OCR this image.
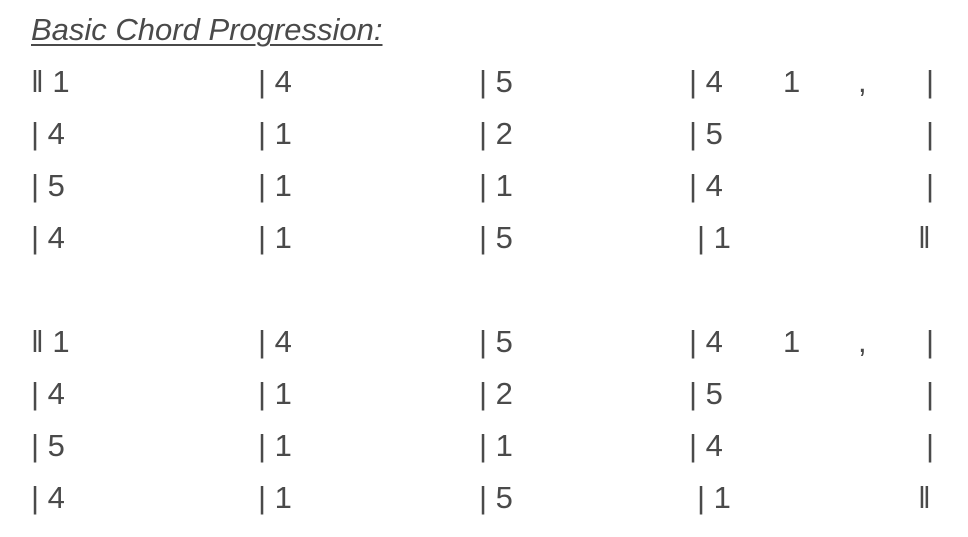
Basic Chord Progression:
‖ 1	| 4	| 5	| 4 1 , |
| 4	| 1	| 2	| 5	|
| 5	| 1	| 1	| 4	|
| 4	| 1	| 5	| 1	‖
‖ 1	| 4	| 5	| 4 1 , |
| 4	| 1	| 2	| 5	|
| 5	| 1	| 1	| 4	|
| 4	| 1	| 5	| 1	‖
